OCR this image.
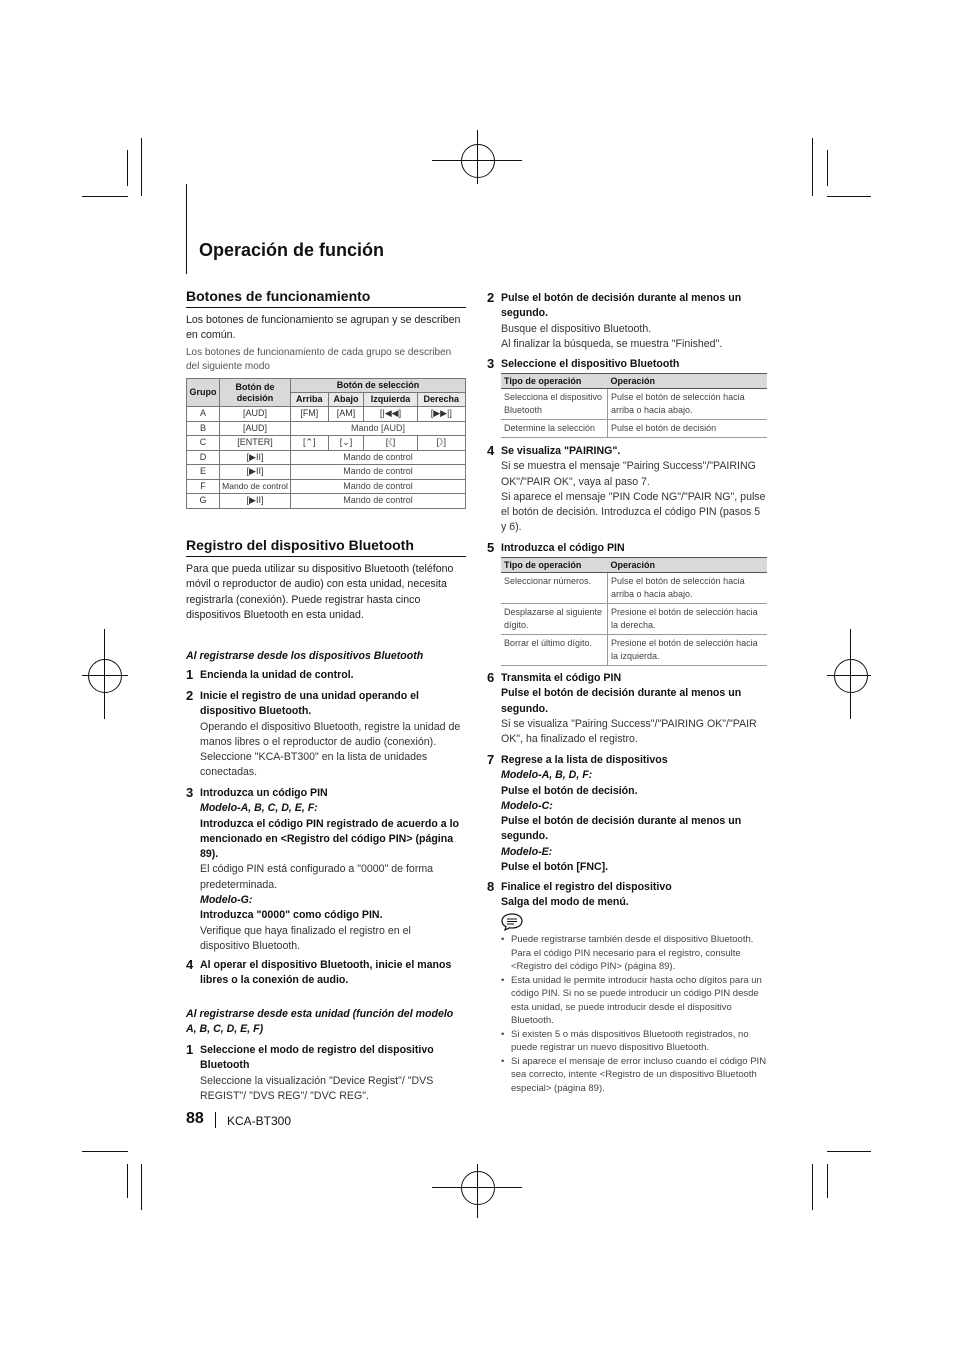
Operación de función
Botones de funcionamiento
Los botones de funcionamiento se agrupan y se describen en común.
Los botones de funcionamiento de cada grupo se describen del siguiente modo
Grupo	Botón de decisión	Botón de selección			
		Arriba	Abajo	Izquierda	Derecha
A	[AUD]	[FM]	[AM]	[|◀◀]	[▶▶|]
B	[AUD]	Mando [AUD]			
C	[ENTER]	[⌃]	[⌄]	[《]	[》]
D	[▶II]	Mando de control			
E	[▶II]	Mando de control			
F	Mando de control	Mando de control			
G	[▶II]	Mando de control			
Registro del dispositivo Bluetooth
Para que pueda utilizar su dispositivo Bluetooth (teléfono móvil o reproductor de audio) con esta unidad, necesita registrarla (conexión). Puede registrar hasta cinco dispositivos Bluetooth en esta unidad.
Al registrarse desde los dispositivos Bluetooth
1 Encienda la unidad de control.
2 Inicie el registro de una unidad operando el dispositivo Bluetooth.
Operando el dispositivo Bluetooth, registre la unidad de manos libres o el reproductor de audio (conexión). Seleccione "KCA-BT300" en la lista de unidades conectadas.
3 Introduzca un código PIN
Modelo-A, B, C, D, E, F:
Introduzca el código PIN registrado de acuerdo a lo mencionado en <Registro del código PIN> (página 89).
El código PIN está configurado a "0000" de forma predeterminada.
Modelo-G:
Introduzca "0000" como código PIN.
Verifique que haya finalizado el registro en el dispositivo Bluetooth.
4 Al operar el dispositivo Bluetooth, inicie el manos libres o la conexión de audio.
Al registrarse desde esta unidad (función del modelo A, B, C, D, E, F)
1 Seleccione el modo de registro del dispositivo Bluetooth
Seleccione la visualización "Device Regist"/ "DVS REGIST"/ "DVS REG"/ "DVC REG".
88 KCA-BT300
2 Pulse el botón de decisión durante al menos un segundo.
Busque el dispositivo Bluetooth.
Al finalizar la búsqueda, se muestra "Finished".
3 Seleccione el dispositivo Bluetooth
Tipo de operación	Operación
Selecciona el dispositivo Bluetooth	Pulse el botón de selección hacia arriba o hacia abajo.
Determine la selección	Pulse el botón de decisión
4 Se visualiza "PAIRING".
Si se muestra el mensaje "Pairing Success"/"PAIRING OK"/"PAIR OK", vaya al paso 7.
Si aparece el mensaje "PIN Code NG"/"PAIR NG", pulse el botón de decisión. Introduzca el código PIN (pasos 5 y 6).
5 Introduzca el código PIN
Tipo de operación	Operación
Seleccionar números.	Pulse el botón de selección hacia arriba o hacia abajo.
Desplazarse al siguiente dígito.	Presione el botón de selección hacia la derecha.
Borrar el último dígito.	Presione el botón de selección hacia la izquierda.
6 Transmita el código PIN
Pulse el botón de decisión durante al menos un segundo.
Si se visualiza "Pairing Success"/"PAIRING OK"/"PAIR OK", ha finalizado el registro.
7 Regrese a la lista de dispositivos
Modelo-A, B, D, F:
Pulse el botón de decisión.
Modelo-C:
Pulse el botón de decisión durante al menos un segundo.
Modelo-E:
Pulse el botón [FNC].
8 Finalice el registro del dispositivo
Salga del modo de menú.
• Puede registrarse también desde el dispositivo Bluetooth. Para el código PIN necesario para el registro, consulte <Registro del código PIN> (página 89).
• Esta unidad le permite introducir hasta ocho dígitos para un código PIN. Si no se puede introducir un código PIN desde esta unidad, se puede introducir desde el dispositivo Bluetooth.
• Si existen 5 o más dispositivos Bluetooth registrados, no puede registrar un nuevo dispositivo Bluetooth.
• Si aparece el mensaje de error incluso cuando el código PIN sea correcto, intente <Registro de un dispositivo Bluetooth especial> (página 89).
